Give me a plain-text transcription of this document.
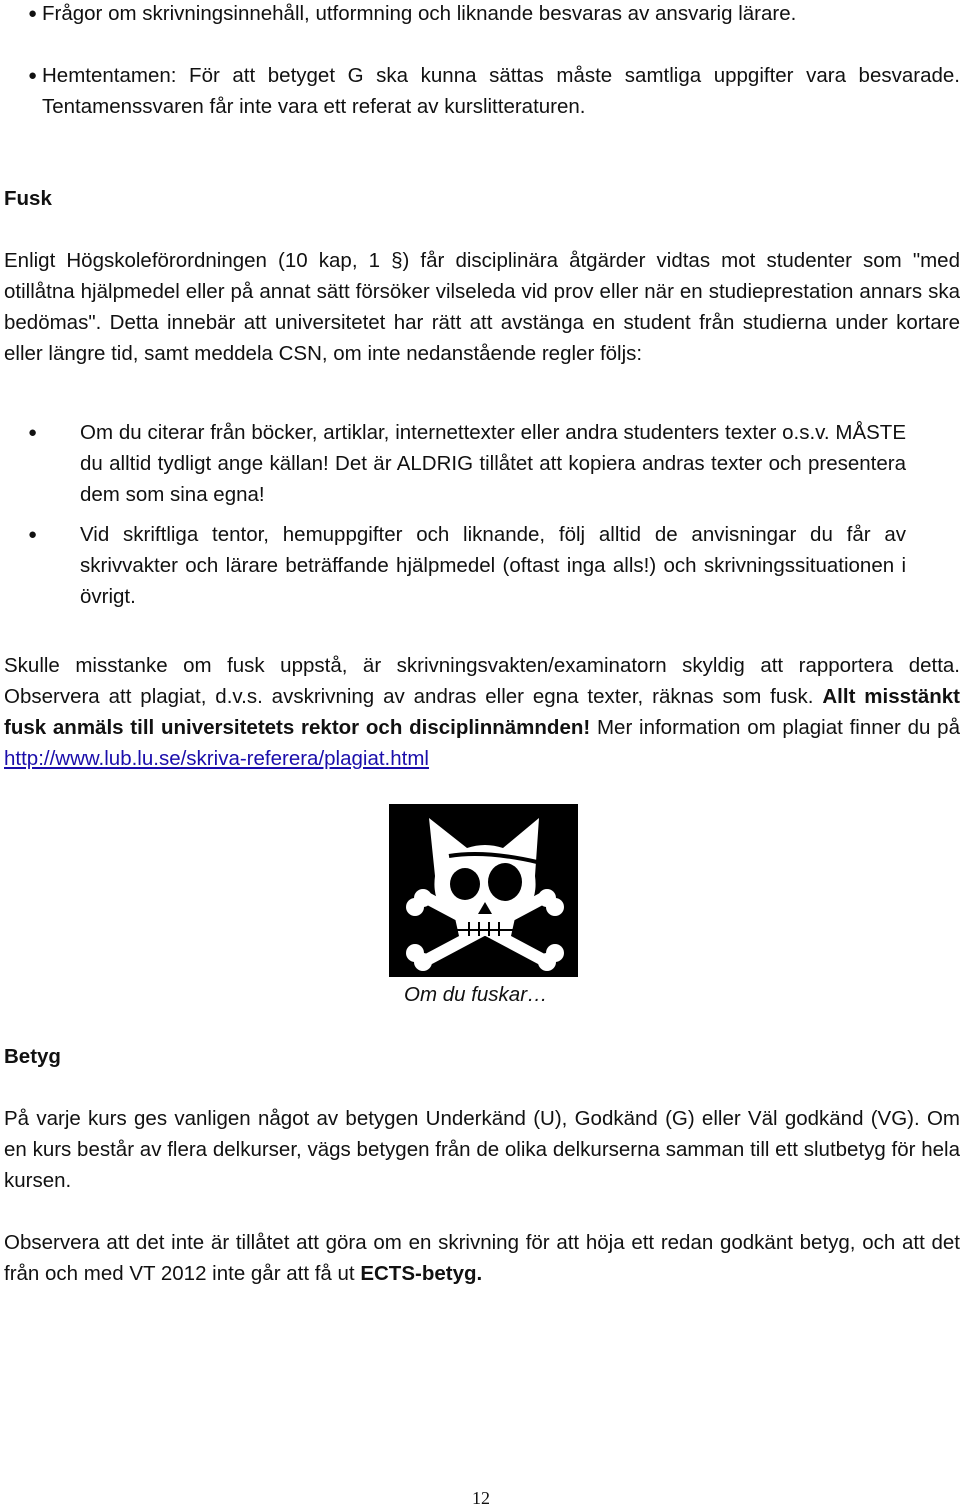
● Frågor om skrivningsinnehåll, utformning och liknande besvaras av ansvarig lärare.
● Hemtentamen: För att betyget G ska kunna sättas måste samtliga uppgifter vara besvarade. Tentamenssvaren får inte vara ett referat av kurslitteraturen.
Fusk
Enligt Högskoleförordningen (10 kap, 1 §) får disciplinära åtgärder vidtas mot studenter som "med otillåtna hjälpmedel eller på annat sätt försöker vilseleda vid prov eller när en studieprestation annars ska bedömas". Detta innebär att universitetet har rätt att avstänga en student från studierna under kortare eller längre tid, samt meddela CSN, om inte nedanstående regler följs:
●	Om du citerar från böcker, artiklar, internettexter eller andra studenters texter o.s.v. MÅSTE du alltid tydligt ange källan! Det är ALDRIG tillåtet att kopiera andras texter och presentera dem som sina egna!
●	Vid skriftliga tentor, hemuppgifter och liknande, följ alltid de anvisningar du får av skrivvakter och lärare beträffande hjälpmedel (oftast inga alls!) och skrivningssituationen i övrigt.
Skulle misstanke om fusk uppstå, är skrivningsvakten/examinatorn skyldig att rapportera detta. Observera att plagiat, d.v.s. avskrivning av andras eller egna texter, räknas som fusk. Allt misstänkt fusk anmäls till universitetets rektor och disciplinnämnden! Mer information om plagiat finner du på http://www.lub.lu.se/skriva-referera/plagiat.html
Om du fuskar…
Betyg
På varje kurs ges vanligen något av betygen Underkänd (U), Godkänd (G) eller Väl godkänd (VG). Om en kurs består av flera delkurser, vägs betygen från de olika delkurserna samman till ett slutbetyg för hela kursen.
Observera att det inte är tillåtet att göra om en skrivning för att höja ett redan godkänt betyg, och att det från och med VT 2012 inte går att få ut ECTS-betyg.
12
